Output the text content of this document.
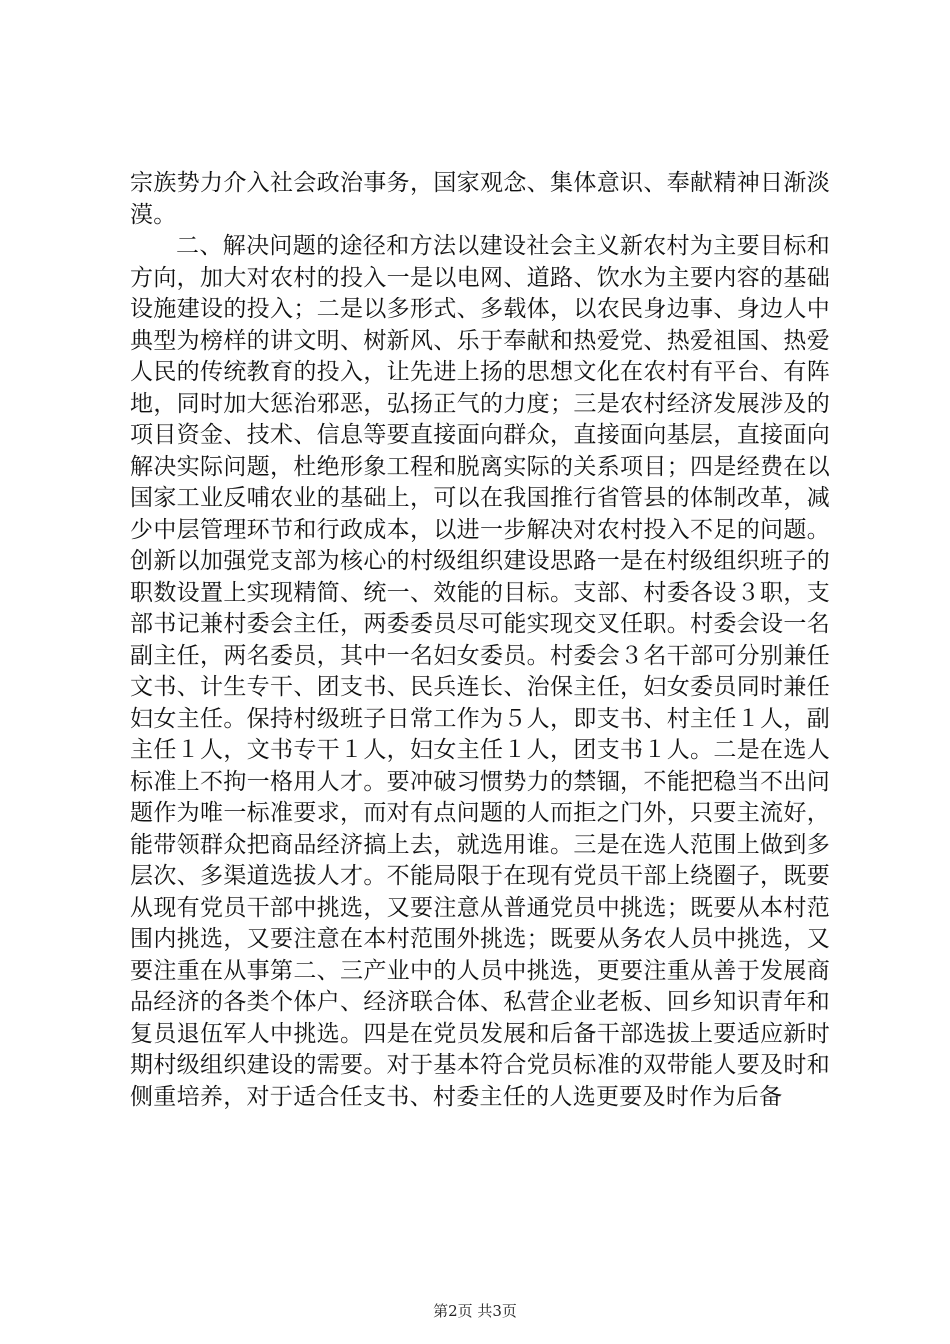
宗族势力介入社会政治事务，国家观念、集体意识、奉献精神日渐淡漠。

二、解决问题的途径和方法以建设社会主义新农村为主要目标和方向，加大对农村的投入一是以电网、道路、饮水为主要内容的基础设施建设的投入；二是以多形式、多载体，以农民身边事、身边人中典型为榜样的讲文明、树新风、乐于奉献和热爱党、热爱祖国、热爱人民的传统教育的投入，让先进上扬的思想文化在农村有平台、有阵地，同时加大惩治邪恶，弘扬正气的力度；三是农村经济发展涉及的项目资金、技术、信息等要直接面向群众，直接面向基层，直接面向解决实际问题，杜绝形象工程和脱离实际的关系项目；四是经费在以国家工业反哺农业的基础上，可以在我国推行省管县的体制改革，减少中层管理环节和行政成本，以进一步解决对农村投入不足的问题。创新以加强党支部为核心的村级组织建设思路一是在村级组织班子的职数设置上实现精简、统一、效能的目标。支部、村委各设３职，支部书记兼村委会主任，两委委员尽可能实现交叉任职。村委会设一名副主任，两名委员，其中一名妇女委员。村委会３名干部可分别兼任文书、计生专干、团支书、民兵连长、治保主任，妇女委员同时兼任妇女主任。保持村级班子日常工作为５人，即支书、村主任１人，副主任１人，文书专干１人，妇女主任１人，团支书１人。二是在选人标准上不拘一格用人才。要冲破习惯势力的禁锢，不能把稳当不出问题作为唯一标准要求，而对有点问题的人而拒之门外，只要主流好，能带领群众把商品经济搞上去，就选用谁。三是在选人范围上做到多层次、多渠道选拔人才。不能局限于在现有党员干部上绕圈子，既要从现有党员干部中挑选，又要注意从普通党员中挑选；既要从本村范围内挑选，又要注意在本村范围外挑选；既要从务农人员中挑选，又要注重在从事第二、三产业中的人员中挑选，更要注重从善于发展商品经济的各类个体户、经济联合体、私营企业老板、回乡知识青年和复员退伍军人中挑选。四是在党员发展和后备干部选拔上要适应新时期村级组织建设的需要。对于基本符合党员标准的双带能人要及时和侧重培养，对于适合任支书、村委主任的人选更要及时作为后备

第2页 共3页
